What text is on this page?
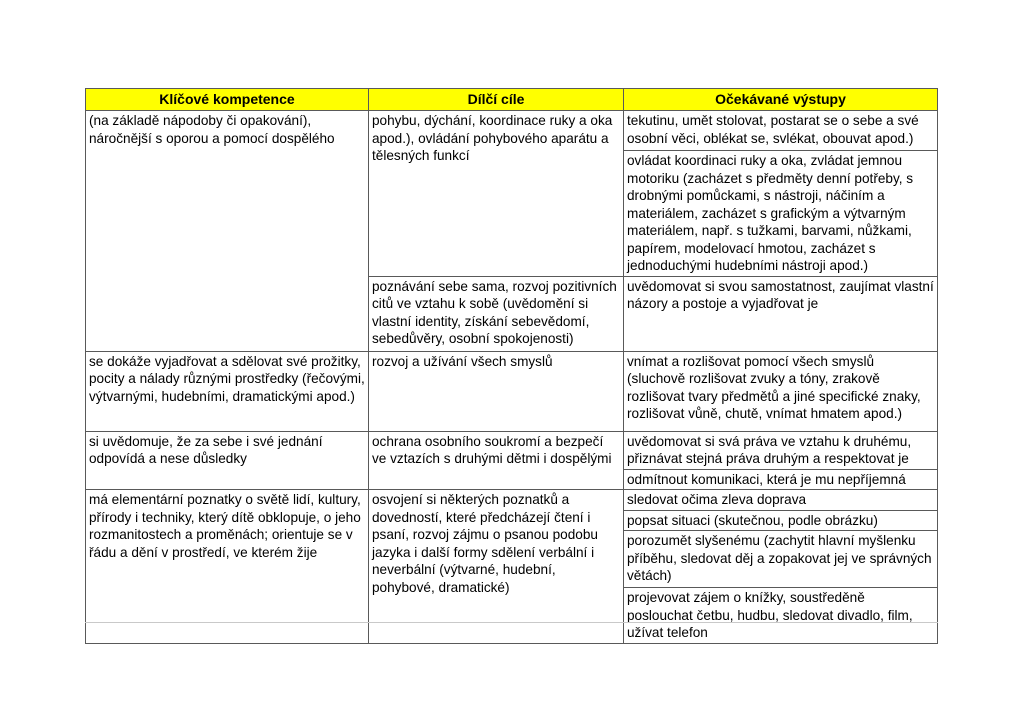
Klíčové kompetence	Dílčí cíle	Očekávané výstupy
(na základě nápodoby či opakování), náročnější s oporou a pomocí dospělého	pohybu, dýchání, koordinace ruky a oka apod.), ovládání pohybového aparátu a tělesných funkcí	tekutinu, umět stolovat, postarat se o sebe a své osobní věci, oblékat se, svlékat, obouvat apod.)
		ovládat koordinaci ruky a oka, zvládat jemnou motoriku (zacházet s předměty denní potřeby, s drobnými pomůckami, s nástroji, náčiním a materiálem, zacházet s grafickým a výtvarným materiálem, např. s tužkami, barvami, nůžkami, papírem, modelovací hmotou, zacházet s jednoduchými hudebními nástroji apod.)
	poznávání sebe sama, rozvoj pozitivních citů ve vztahu k sobě (uvědomění si vlastní identity, získání sebevědomí, sebedůvěry, osobní spokojenosti)	uvědomovat si svou samostatnost, zaujímat vlastní názory a postoje a vyjadřovat je
se dokáže vyjadřovat a sdělovat své prožitky, pocity a nálady různými prostředky (řečovými, výtvarnými, hudebními, dramatickými apod.)	rozvoj a užívání všech smyslů	vnímat a rozlišovat pomocí všech smyslů (sluchově rozlišovat zvuky a tóny, zrakově rozlišovat tvary předmětů a jiné specifické znaky, rozlišovat vůně, chutě, vnímat hmatem apod.)
si uvědomuje, že za sebe i své jednání odpovídá a nese důsledky	ochrana osobního soukromí a bezpečí ve vztazích s druhými dětmi i dospělými	uvědomovat si svá práva ve vztahu k druhému, přiznávat stejná práva druhým a respektovat je
		odmítnout komunikaci, která je mu nepříjemná
má elementární poznatky o světě lidí, kultury, přírody i techniky, který dítě obklopuje, o jeho rozmanitostech a proměnách; orientuje se v řádu a dění v prostředí, ve kterém žije	osvojení si některých poznatků a dovedností, které předcházejí čtení i psaní, rozvoj zájmu o psanou podobu jazyka i další formy sdělení verbální i neverbální (výtvarné, hudební, pohybové, dramatické)	sledovat očima zleva doprava
		popsat situaci (skutečnou, podle obrázku)
		porozumět slyšenému (zachytit hlavní myšlenku příběhu, sledovat děj a zopakovat jej ve správných větách)
		projevovat zájem o knížky, soustředěně poslouchat četbu, hudbu, sledovat divadlo, film, užívat telefon
